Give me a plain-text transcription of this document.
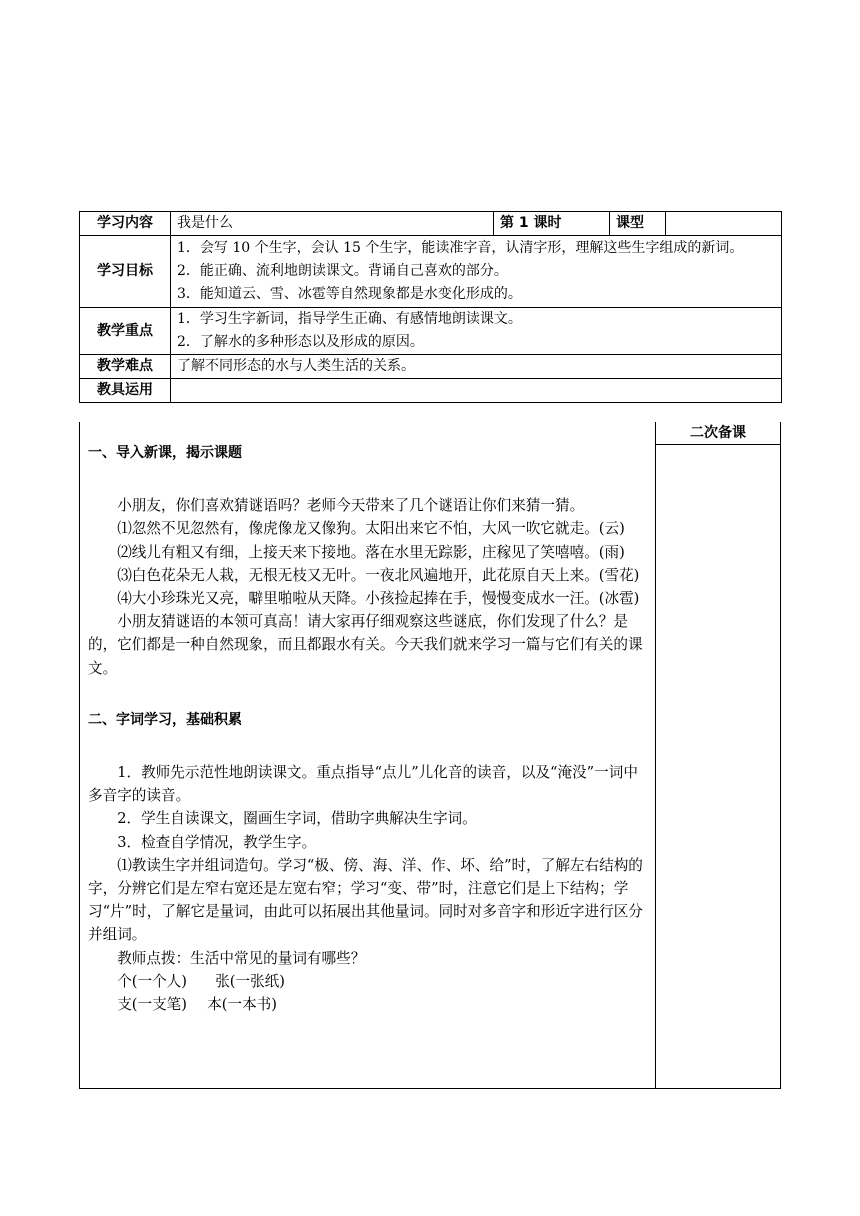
学习内容	我是什么	第 1 课时	课型	
学习目标	1．会写 10 个生字，会认 15 个生字，能读准字音，认清字形，理解这些生字组成的新词。
2．能正确、流利地朗读课文。背诵自己喜欢的部分。
3．能知道云、雪、冰雹等自然现象都是水变化形成的。			

教学重点	1．学习生字新词，指导学生正确、有感情地朗读课文。
2．了解水的多种形态以及形成的原因。			

教学难点	了解不同形态的水与人类生活的关系。			
教具运用				
一、导入新课，揭示课题

小朋友，你们喜欢猜谜语吗？老师今天带来了几个谜语让你们来猜一猜。

⑴忽然不见忽然有，像虎像龙又像狗。太阳出来它不怕，大风一吹它就走。(云)

⑵线儿有粗又有细，上接天来下接地。落在水里无踪影，庄稼见了笑嘻嘻。(雨)

⑶白色花朵无人栽，无根无枝又无叶。一夜北风遍地开，此花原自天上来。(雪花)

⑷大小珍珠光又亮，噼里啪啦从天降。小孩捡起捧在手，慢慢变成水一汪。(冰雹)

小朋友猜谜语的本领可真高！请大家再仔细观察这些谜底，你们发现了什么？是的，它们都是一种自然现象，而且都跟水有关。今天我们就来学习一篇与它们有关的课文。

二、字词学习，基础积累

1．教师先示范性地朗读课文。重点指导“点儿”儿化音的读音，以及“淹没”一词中多音字的读音。

2．学生自读课文，圈画生字词，借助字典解决生字词。

3．检查自学情况，教学生字。

⑴教读生字并组词造句。学习“极、傍、海、洋、作、坏、给”时，了解左右结构的字，分辨它们是左窄右宽还是左宽右窄；学习“变、带”时，注意它们是上下结构；学习“片”时，了解它是量词，由此可以拓展出其他量词。同时对多音字和形近字进行区分并组词。

教师点拨：生活中常见的量词有哪些？

个(一个人) 张(一张纸)

支(一支笔) 本(一本书)

二次备课
